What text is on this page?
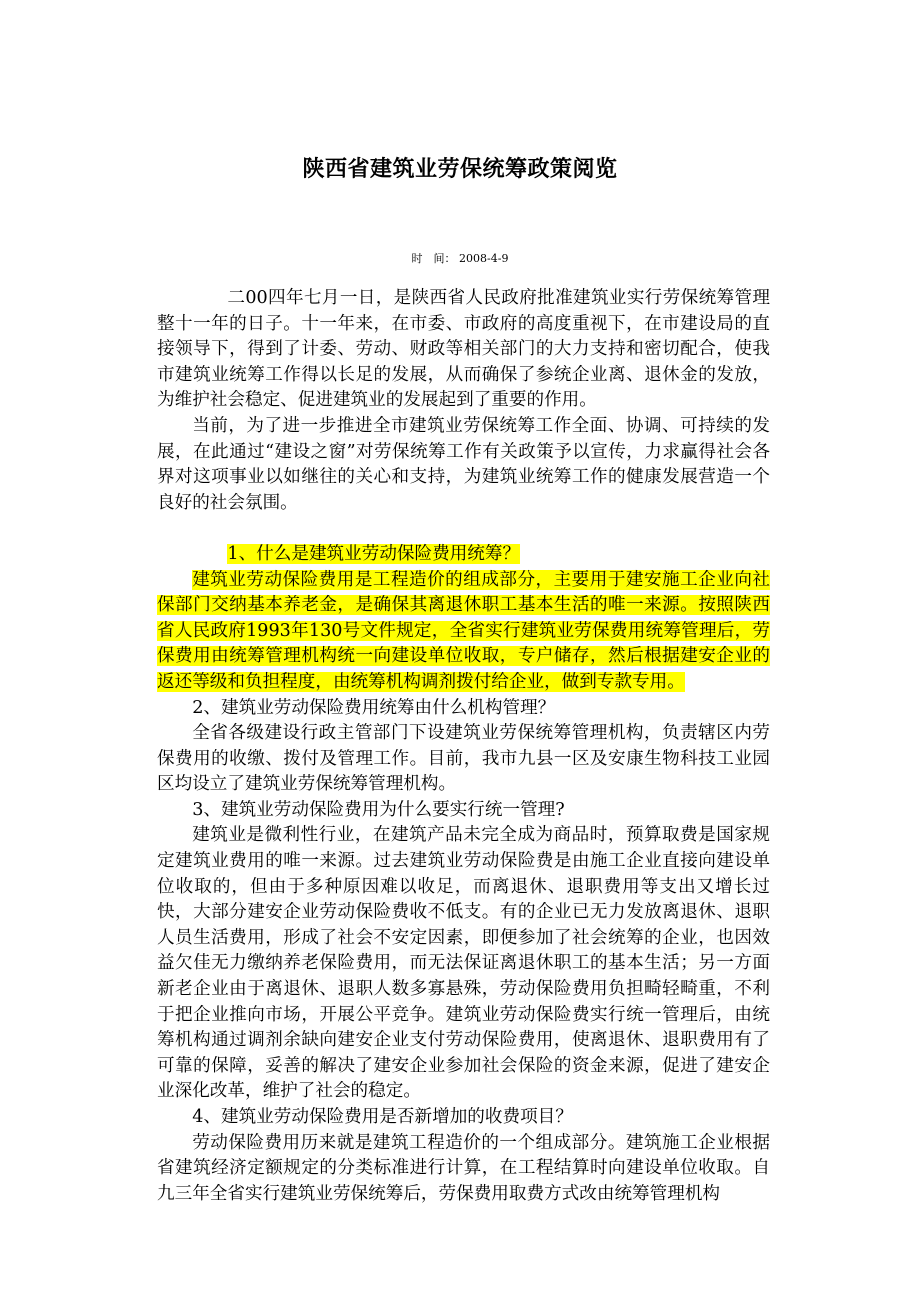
陕西省建筑业劳保统筹政策阅览
时　间： 2008-4-9

二00四年七月一日，是陕西省人民政府批准建筑业实行劳保统筹管理整十一年的日子。十一年来，在市委、市政府的高度重视下，在市建设局的直接领导下，得到了计委、劳动、财政等相关部门的大力支持和密切配合，使我市建筑业统筹工作得以长足的发展，从而确保了参统企业离、退休金的发放，为维护社会稳定、促进建筑业的发展起到了重要的作用。

当前，为了进一步推进全市建筑业劳保统筹工作全面、协调、可持续的发展，在此通过“建设之窗”对劳保统筹工作有关政策予以宣传，力求赢得社会各界对这项事业以如继往的关心和支持，为建筑业统筹工作的健康发展营造一个良好的社会氛围。

1、什么是建筑业劳动保险费用统筹？

建筑业劳动保险费用是工程造价的组成部分，主要用于建安施工企业向社保部门交纳基本养老金，是确保其离退休职工基本生活的唯一来源。按照陕西省人民政府1993年130号文件规定，全省实行建筑业劳保费用统筹管理后，劳保费用由统筹管理机构统一向建设单位收取，专户储存，然后根据建安企业的返还等级和负担程度，由统筹机构调剂拨付给企业，做到专款专用。

2、建筑业劳动保险费用统筹由什么机构管理？

全省各级建设行政主管部门下设建筑业劳保统筹管理机构，负责辖区内劳保费用的收缴、拨付及管理工作。目前，我市九县一区及安康生物科技工业园区均设立了建筑业劳保统筹管理机构。

3、建筑业劳动保险费用为什么要实行统一管理?

建筑业是微利性行业，在建筑产品未完全成为商品时，预算取费是国家规定建筑业费用的唯一来源。过去建筑业劳动保险费是由施工企业直接向建设单位收取的，但由于多种原因难以收足，而离退休、退职费用等支出又增长过快，大部分建安企业劳动保险费收不低支。有的企业已无力发放离退休、退职人员生活费用，形成了社会不安定因素，即便参加了社会统筹的企业，也因效益欠佳无力缴纳养老保险费用，而无法保证离退休职工的基本生活；另一方面新老企业由于离退休、退职人数多寡悬殊，劳动保险费用负担畸轻畸重，不利于把企业推向市场，开展公平竞争。建筑业劳动保险费实行统一管理后，由统筹机构通过调剂余缺向建安企业支付劳动保险费用，使离退休、退职费用有了可靠的保障，妥善的解决了建安企业参加社会保险的资金来源，促进了建安企业深化改革，维护了社会的稳定。

4、建筑业劳动保险费用是否新增加的收费项目？

劳动保险费用历来就是建筑工程造价的一个组成部分。建筑施工企业根据省建筑经济定额规定的分类标准进行计算，在工程结算时向建设单位收取。自九三年全省实行建筑业劳保统筹后，劳保费用取费方式改由统筹管理机构
